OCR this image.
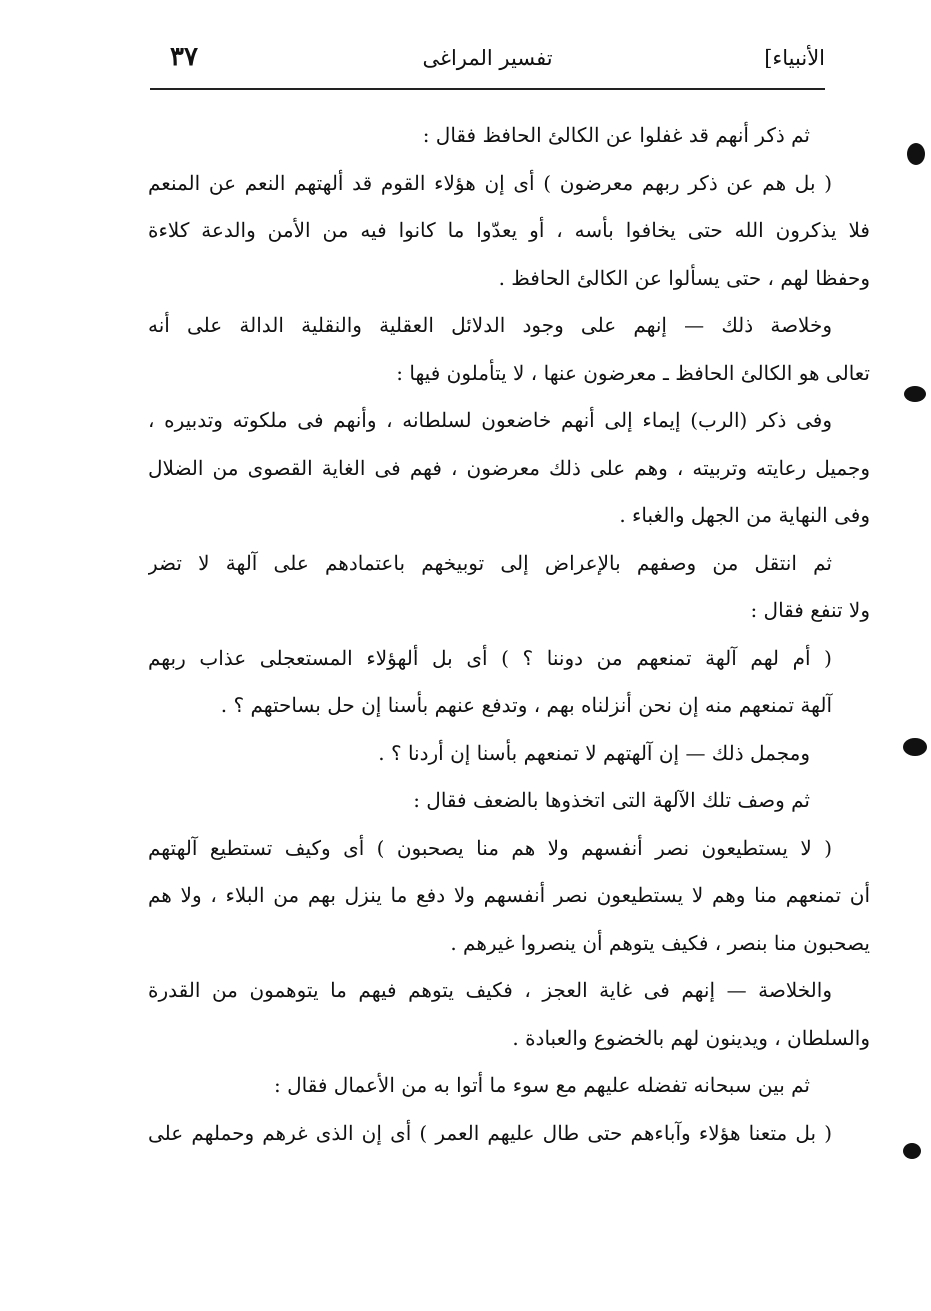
الأنبياء]
تفسير المراغى
٣٧
ثم ذكر أنهم قد غفلوا عن الكالئ الحافظ فقال :
( بل هم عن ذكر ربهم معرضون ) أى إن هؤلاء القوم قد ألهتهم النعم عن المنعم
فلا يذكرون الله حتى يخافوا بأسه ، أو يعدّوا ما كانوا فيه من الأمن والدعة كلاءة
وحفظا لهم ، حتى يسألوا عن الكالئ الحافظ .
وخلاصة ذلك — إنهم على وجود الدلائل العقلية والنقلية الدالة على أنه
تعالى هو الكالئ الحافظ ـ معرضون عنها ، لا يتأملون فيها :
وفى ذكر (الرب) إيماء إلى أنهم خاضعون لسلطانه ، وأنهم فى ملكوته وتدبيره ،
وجميل رعايته وتربيته ، وهم على ذلك معرضون ، فهم فى الغاية القصوى من الضلال
وفى النهاية من الجهل والغباء .
ثم انتقل من وصفهم بالإعراض إلى توبيخهم باعتمادهم على آلهة لا تضر
ولا تنفع فقال :
( أم لهم آلهة تمنعهم من دوننا ؟ ) أى بل ألهؤلاء المستعجلى عذاب ربهم
آلهة تمنعهم منه إن نحن أنزلناه بهم ، وتدفع عنهم بأسنا إن حل بساحتهم ؟ .
ومجمل ذلك — إن آلهتهم لا تمنعهم بأسنا إن أردنا ؟ .
ثم وصف تلك الآلهة التى اتخذوها بالضعف فقال :
( لا يستطيعون نصر أنفسهم ولا هم منا يصحبون ) أى وكيف تستطيع آلهتهم
أن تمنعهم منا وهم لا يستطيعون نصر أنفسهم ولا دفع ما ينزل بهم من البلاء ، ولا هم
يصحبون منا بنصر ، فكيف يتوهم أن ينصروا غيرهم .
والخلاصة — إنهم فى غاية العجز ، فكيف يتوهم فيهم ما يتوهمون من القدرة
والسلطان ، ويدينون لهم بالخضوع والعبادة .
ثم بين سبحانه تفضله عليهم مع سوء ما أتوا به من الأعمال فقال :
( بل متعنا هؤلاء وآباءهم حتى طال عليهم العمر ) أى إن الذى غرهم وحملهم على
